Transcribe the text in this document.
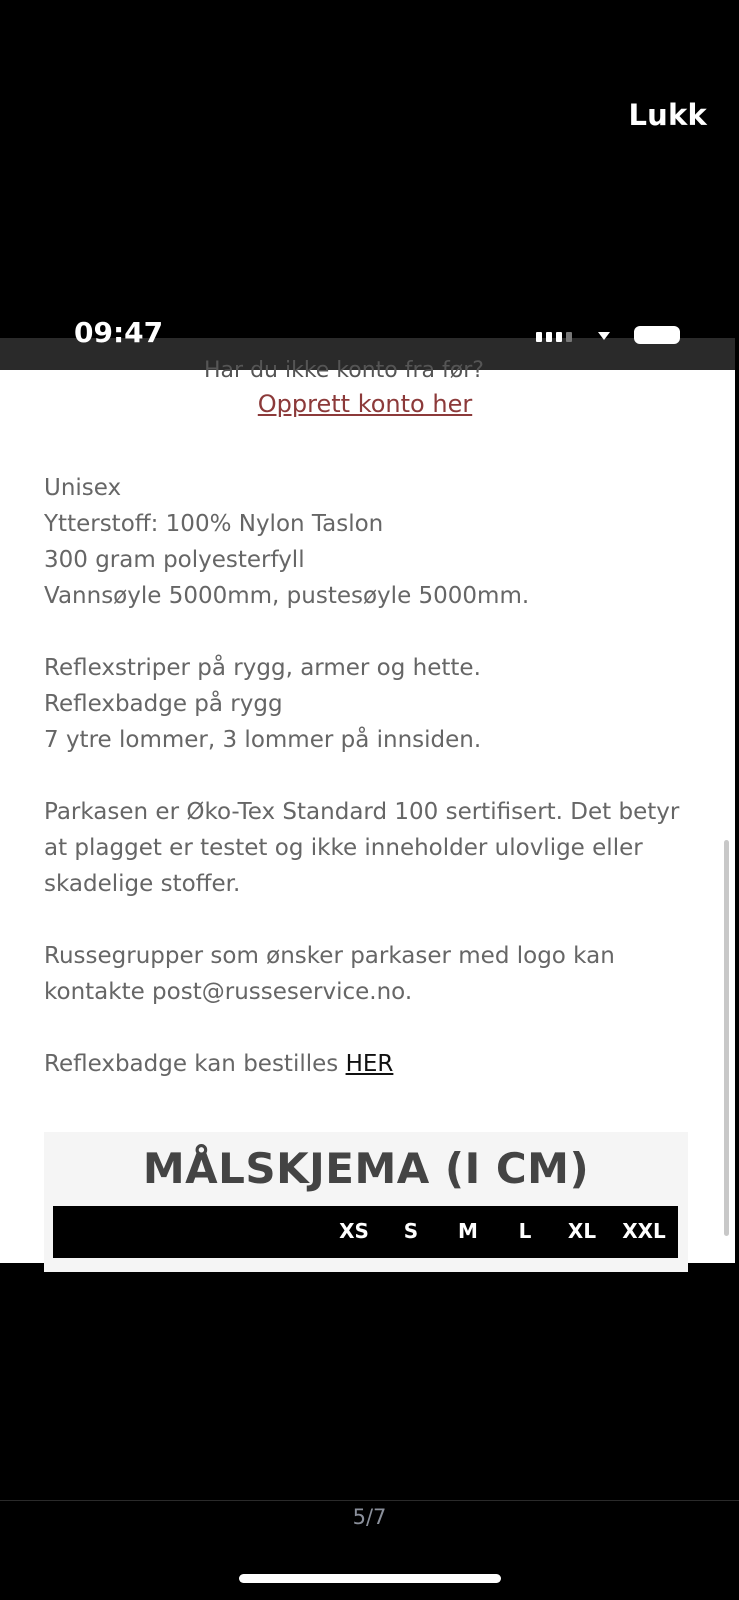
Lukk
09:47
Har du ikke konto fra før?
Opprett konto her

Unisex
Ytterstoff: 100% Nylon Taslon
300 gram polyesterfyll
Vannsøyle 5000mm, pustesøyle 5000mm.

Reflexstriper på rygg, armer og hette.
Reflexbadge på rygg
7 ytre lommer, 3 lommer på innsiden.

Parkasen er Øko-Tex Standard 100 sertifisert. Det betyr at plagget er testet og ikke inneholder ulovlige eller skadelige stoffer.

Russegrupper som ønsker parkaser med logo kan kontakte post@russeservice.no.

Reflexbadge kan bestilles HER

MÅLSKJEMA (I CM)
XS	S	M	L	XL	XXL
5/7
